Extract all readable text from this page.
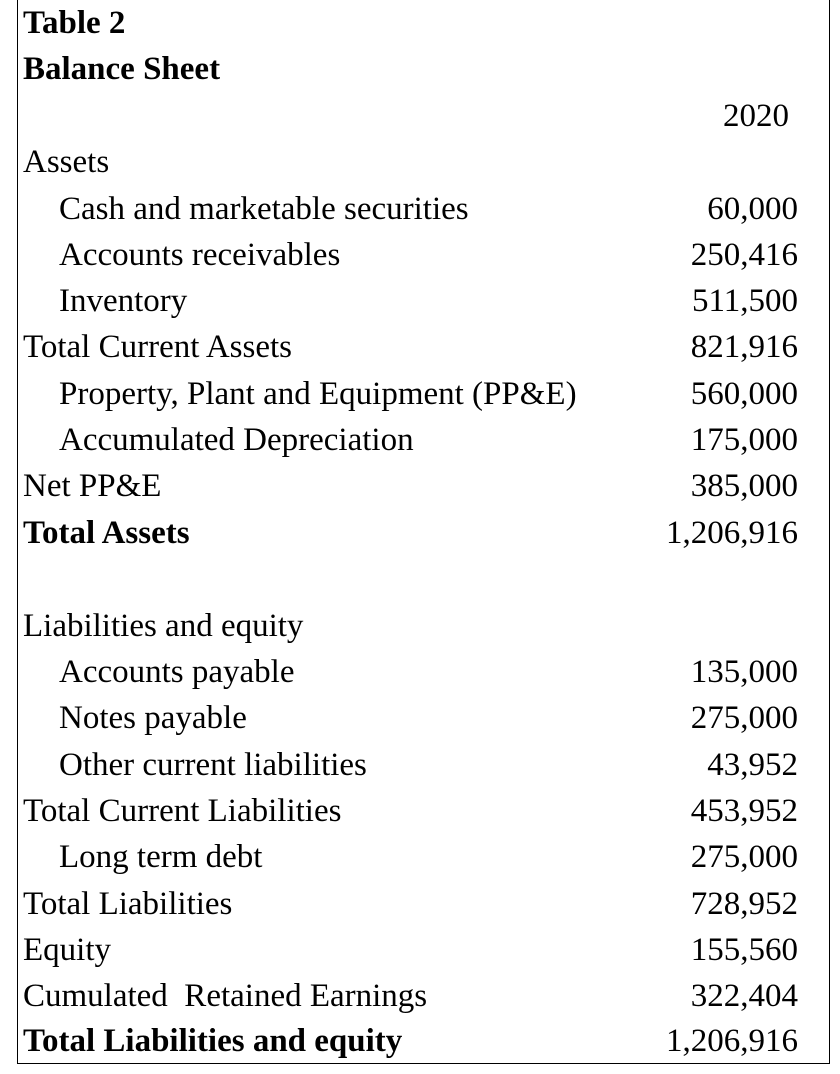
Table 2
Balance Sheet
2020
Assets
Cash and marketable securities	60,000
Accounts receivables	250,416
Inventory	511,500
Total Current Assets	821,916
Property, Plant and Equipment (PP&E)	560,000
Accumulated Depreciation	175,000
Net PP&E	385,000
Total Assets	1,206,916
Liabilities and equity
Accounts payable	135,000
Notes payable	275,000
Other current liabilities	43,952
Total Current Liabilities	453,952
Long term debt	275,000
Total Liabilities	728,952
Equity	155,560
Cumulated  Retained Earnings	322,404
Total Liabilities and equity	1,206,916
